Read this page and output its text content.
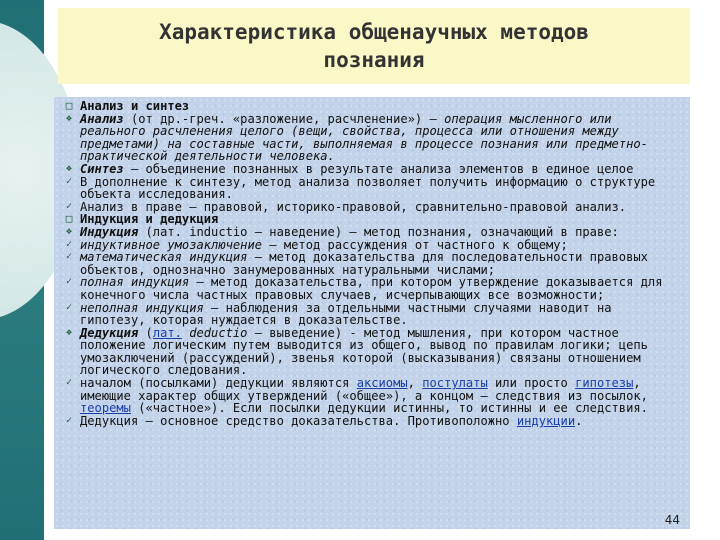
Характеристика общенаучных методов
познания
□ Анализ и синтез
❖ Анализ (от др.-греч. «разложение, расчленение») — операция мысленного или реального расчленения целого (вещи, свойства, процесса или отношения между предметами) на составные части, выполняемая в процессе познания или предметно-практической деятельности человека.
❖ Синтез – объединение познанных в результате анализа элементов в единое целое
✓ В дополнение к синтезу, метод анализа позволяет получить информацию о структуре объекта исследования.
✓ Анализ в праве – правовой, историко-правовой, сравнительно-правовой анализ.
□ Индукция и дедукция
❖ Индукция (лат. inductio — наведение) – метод познания, означающий в праве:
✓ индуктивное умозаключение — метод рассуждения от частного к общему;
✓ математическая индукция — метод доказательства для последовательности правовых объектов, однозначно занумерованных натуральными числами;
✓ полная индукция — метод доказательства, при котором утверждение доказывается для конечного числа частных правовых случаев, исчерпывающих все возможности;
✓ неполная индукция — наблюдения за отдельными частными случаями наводит на гипотезу, которая нуждается в доказательстве.
❖ Дедукция (лат. deductio — выведение) - метод мышления, при котором частное положение логическим путем выводится из общего, вывод по правилам логики; цепь умозаключений (рассуждений), звенья которой (высказывания) связаны отношением логического следования.
✓ началом (посылками) дедукции являются аксиомы, постулаты или просто гипотезы, имеющие характер общих утверждений («общее»), а концом — следствия из посылок, теоремы («частное»). Если посылки дедукции истинны, то истинны и ее следствия.
✓ Дедукция — основное средство доказательства. Противоположно индукции.
44
